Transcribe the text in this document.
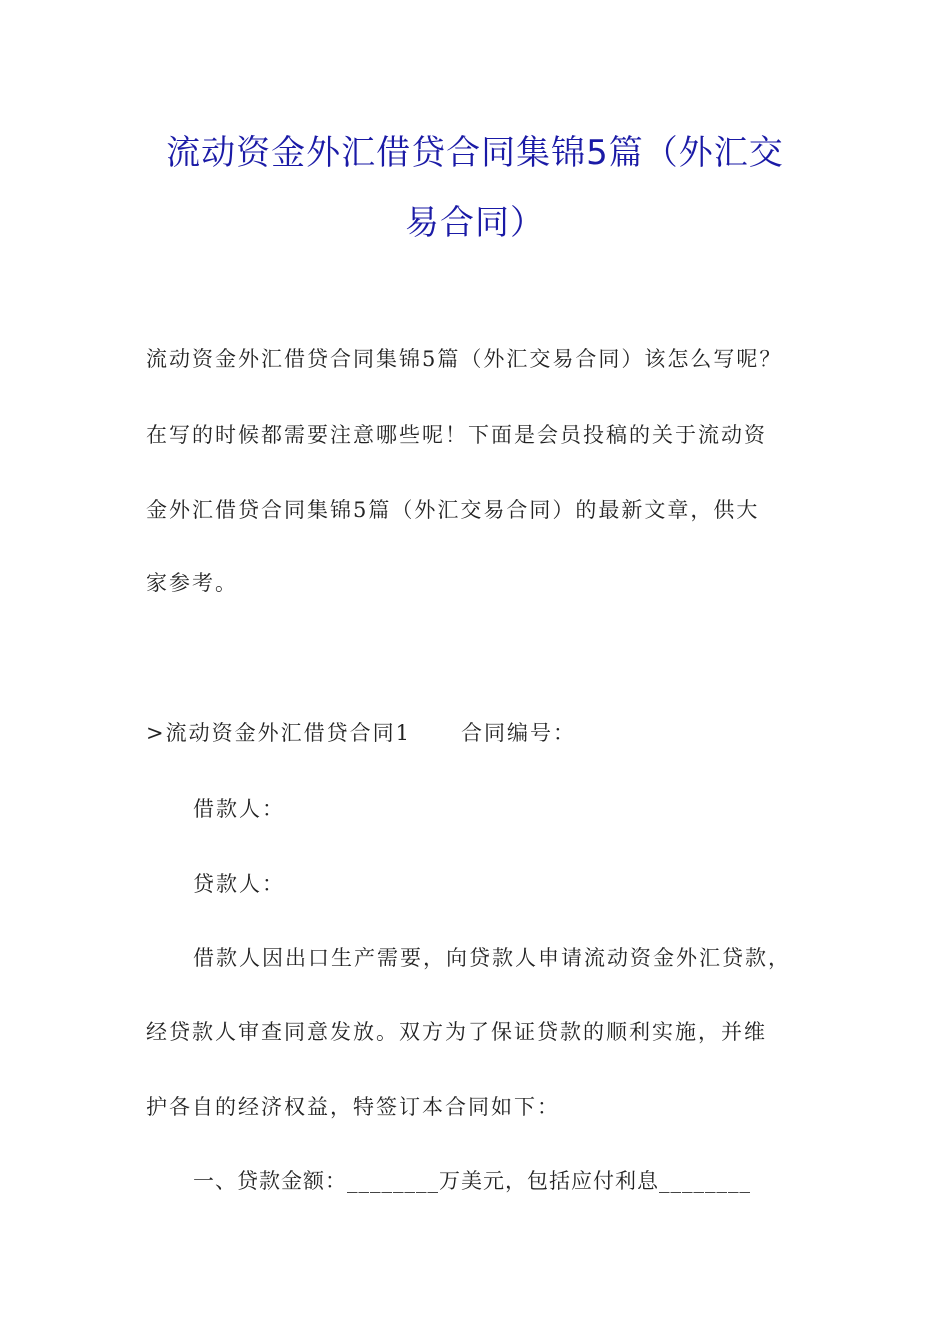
流动资金外汇借贷合同集锦5篇（外汇交
易合同）
流动资金外汇借贷合同集锦5篇（外汇交易合同）该怎么写呢？
在写的时候都需要注意哪些呢！下面是会员投稿的关于流动资
金外汇借贷合同集锦5篇（外汇交易合同）的最新文章，供大
家参考。
>流动资金外汇借贷合同1 合同编号：
借款人：
贷款人：
借款人因出口生产需要，向贷款人申请流动资金外汇贷款，
经贷款人审查同意发放。双方为了保证贷款的顺利实施，并维
护各自的经济权益，特签订本合同如下：
一、贷款金额：________万美元，包括应付利息________
